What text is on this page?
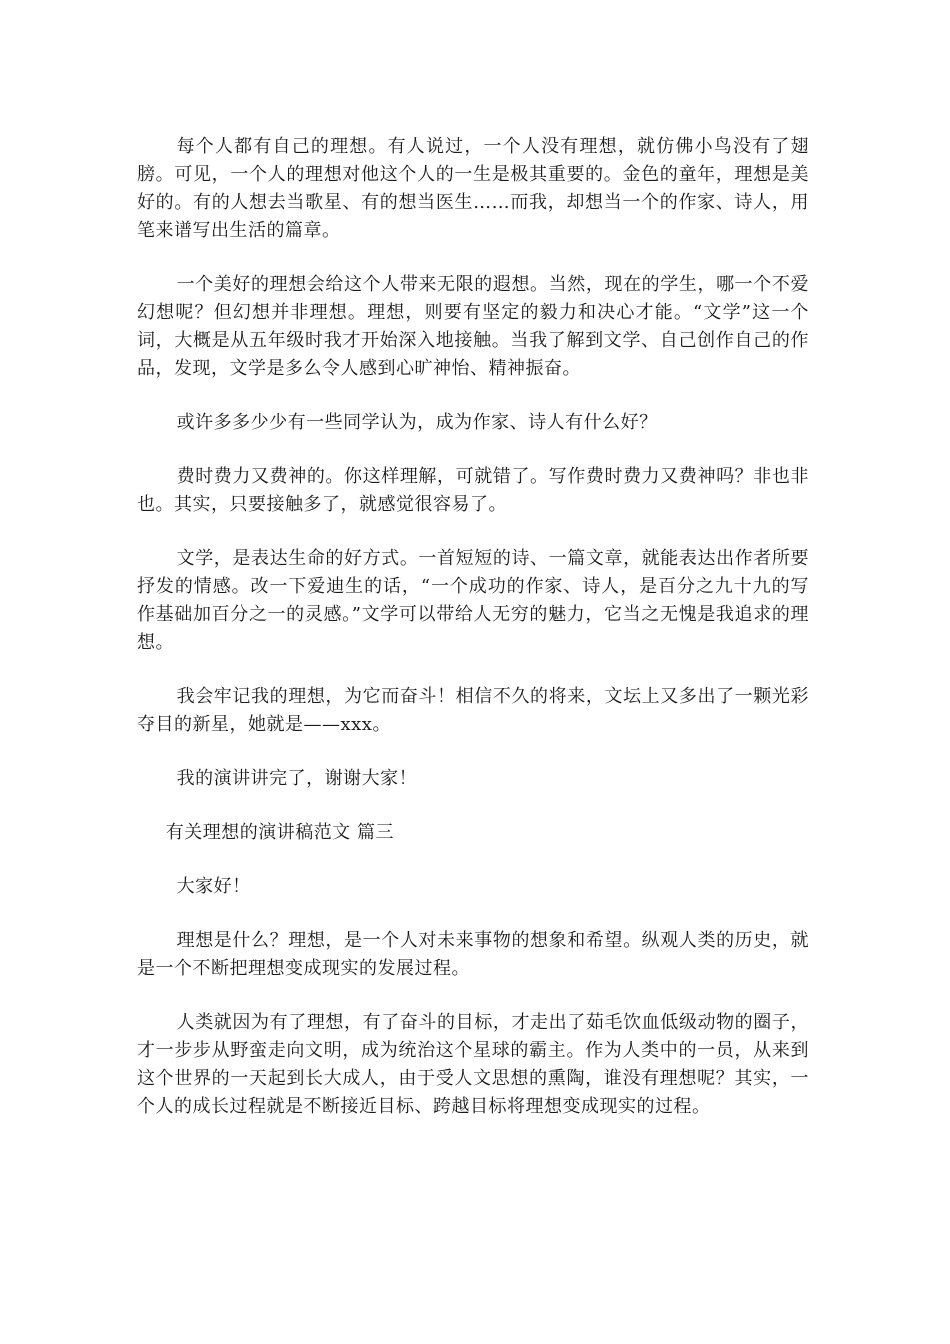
每个人都有自己的理想。有人说过，一个人没有理想，就仿佛小鸟没有了翅膀。可见，一个人的理想对他这个人的一生是极其重要的。金色的童年，理想是美好的。有的人想去当歌星、有的想当医生……而我，却想当一个的作家、诗人，用笔来谱写出生活的篇章。

一个美好的理想会给这个人带来无限的遐想。当然，现在的学生，哪一个不爱幻想呢？但幻想并非理想。理想，则要有坚定的毅力和决心才能。“文学”这一个词，大概是从五年级时我才开始深入地接触。当我了解到文学、自己创作自己的作品，发现，文学是多么令人感到心旷神怡、精神振奋。

或许多多少少有一些同学认为，成为作家、诗人有什么好？

费时费力又费神的。你这样理解，可就错了。写作费时费力又费神吗？非也非也。其实，只要接触多了，就感觉很容易了。

文学，是表达生命的好方式。一首短短的诗、一篇文章，就能表达出作者所要抒发的情感。改一下爱迪生的话，“一个成功的作家、诗人，是百分之九十九的写作基础加百分之一的灵感。”文学可以带给人无穷的魅力，它当之无愧是我追求的理想。

我会牢记我的理想，为它而奋斗！相信不久的将来，文坛上又多出了一颗光彩夺目的新星，她就是——xxx。

我的演讲讲完了，谢谢大家！

有关理想的演讲稿范文 篇三

大家好！

理想是什么？理想，是一个人对未来事物的想象和希望。纵观人类的历史，就是一个不断把理想变成现实的发展过程。

人类就因为有了理想，有了奋斗的目标，才走出了茹毛饮血低级动物的圈子，才一步步从野蛮走向文明，成为统治这个星球的霸主。作为人类中的一员，从来到这个世界的一天起到长大成人，由于受人文思想的熏陶，谁没有理想呢？其实，一个人的成长过程就是不断接近目标、跨越目标将理想变成现实的过程。
